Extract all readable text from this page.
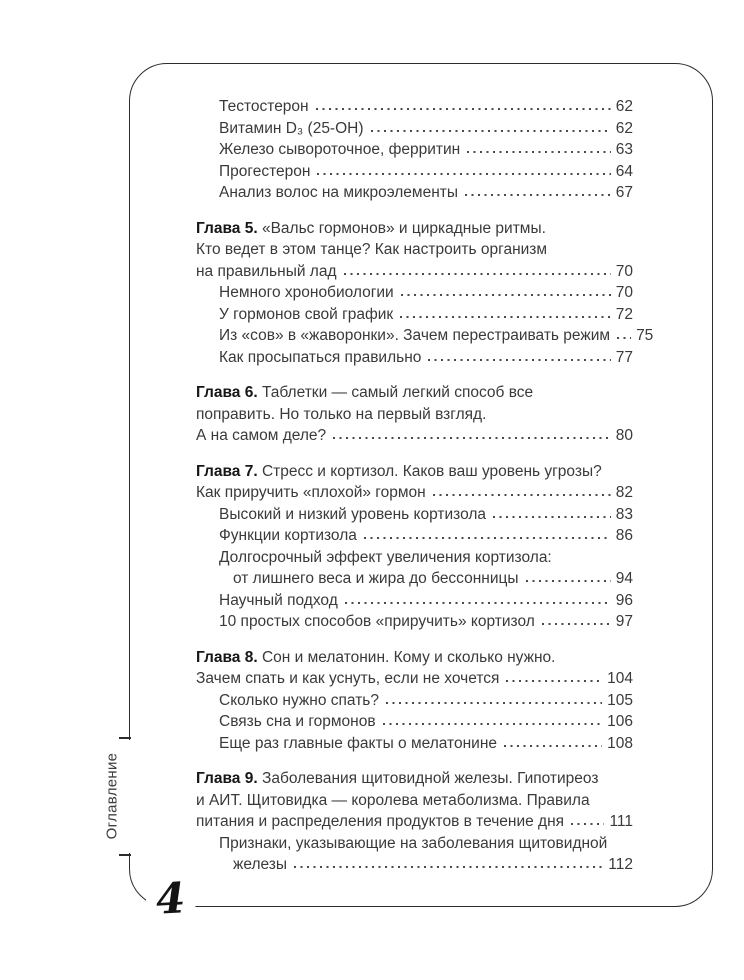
Оглавление
Тестостерон	62
Витамин D₃ (25-OH)	62
Железо сывороточное, ферритин	63
Прогестерон	64
Анализ волос на микроэлементы	67
Глава 5. «Вальс гормонов» и циркадные ритмы.
Кто ведет в этом танце? Как настроить организм
на правильный лад	70
Немного хронобиологии	70
У гормонов свой график	72
Из «сов» в «жаворонки». Зачем перестраивать режим 75
Как просыпаться правильно	77
Глава 6. Таблетки — самый легкий способ все
поправить. Но только на первый взгляд.
А на самом деле?	80
Глава 7. Стресс и кортизол. Каков ваш уровень угрозы?
Как приручить «плохой» гормон	82
Высокий и низкий уровень кортизола	83
Функции кортизола	86
Долгосрочный эффект увеличения кортизола:
от лишнего веса и жира до бессонницы	94
Научный подход	96
10 простых способов «приручить» кортизол	97
Глава 8. Сон и мелатонин. Кому и сколько нужно.
Зачем спать и как уснуть, если не хочется	104
Сколько нужно спать?	105
Связь сна и гормонов	106
Еще раз главные факты о мелатонине	108
Глава 9. Заболевания щитовидной железы. Гипотиреоз
и АИТ. Щитовидка — королева метаболизма. Правила
питания и распределения продуктов в течение дня	111
Признаки, указывающие на заболевания щитовидной
железы	112
4
